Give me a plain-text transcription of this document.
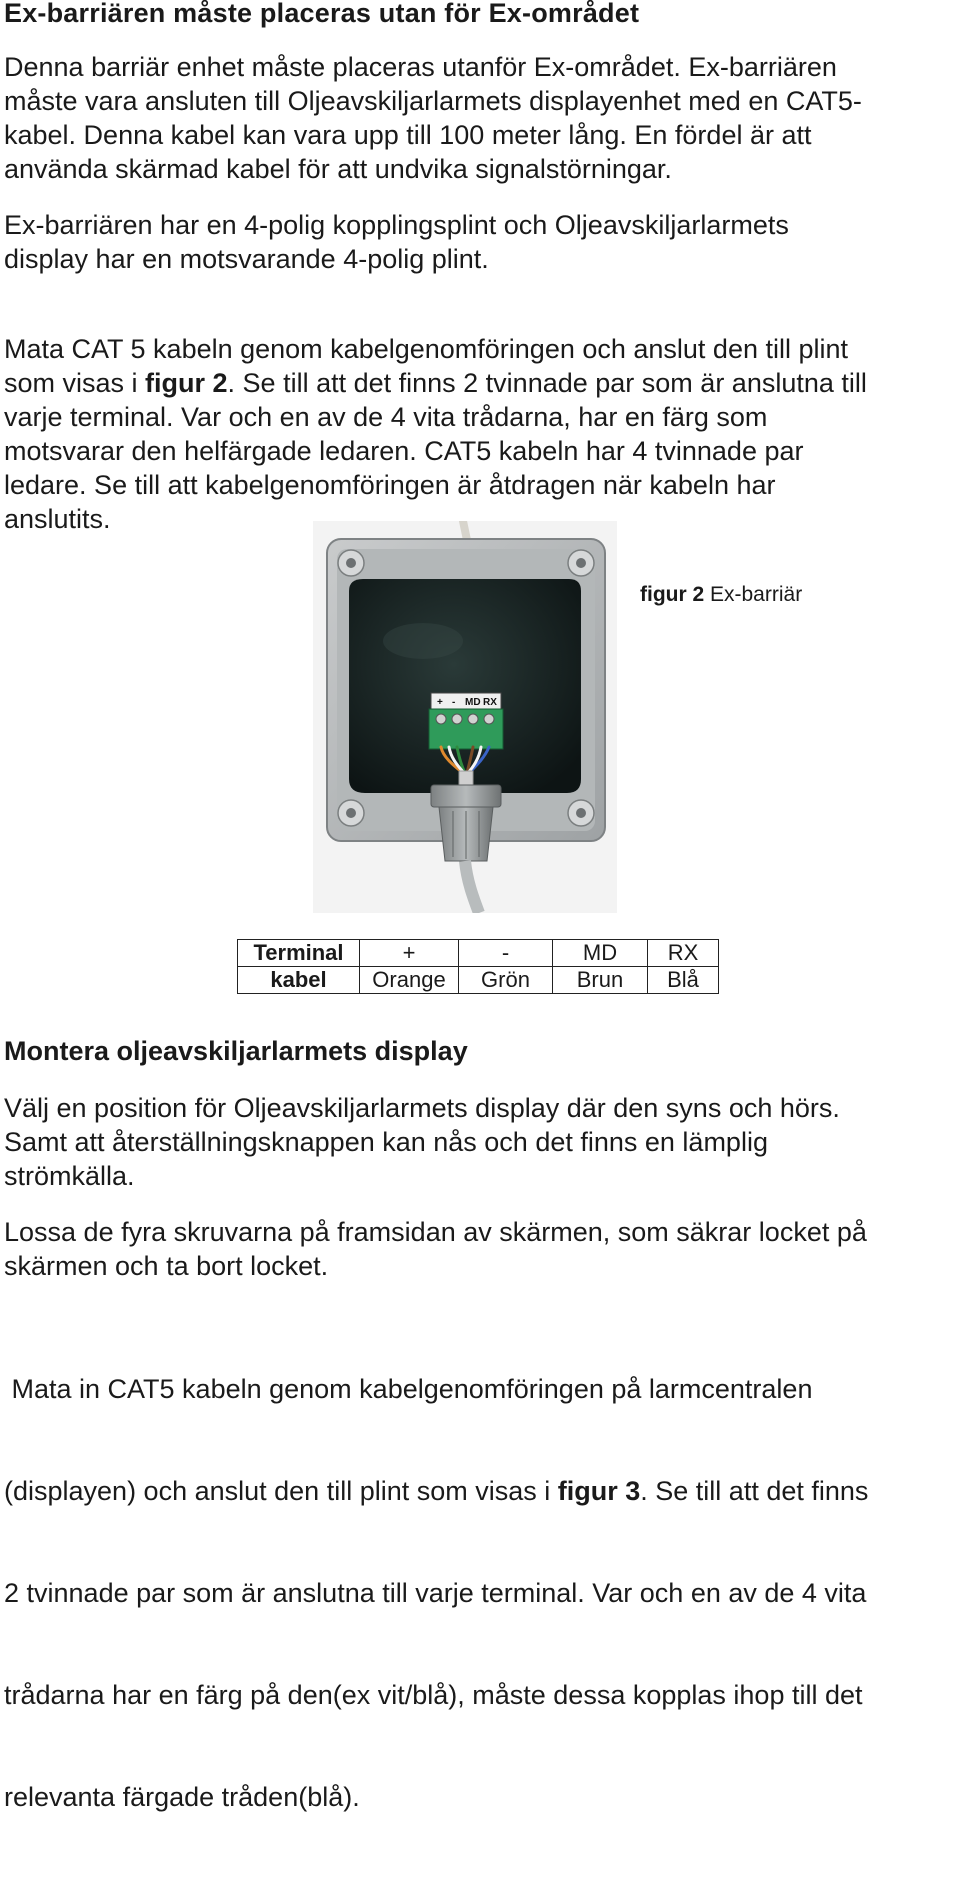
Ex-barriären måste placeras utan för Ex-området

Denna barriär enhet måste placeras utanför Ex-området. Ex-barriären
måste vara ansluten till Oljeavskiljarlarmets displayenhet med en CAT5-
kabel. Denna kabel kan vara upp till 100 meter lång. En fördel är att
använda skärmad kabel för att undvika signalstörningar.

Ex-barriären har en 4-polig kopplingsplint och Oljeavskiljarlarmets
display har en motsvarande 4-polig plint.

Mata CAT 5 kabeln genom kabelgenomföringen och anslut den till plint
som visas i figur 2. Se till att det finns 2 tvinnade par som är anslutna till
varje terminal. Var och en av de 4 vita trådarna, har en färg som
motsvarar den helfärgade ledaren. CAT5 kabeln har 4 tvinnade par
ledare. Se till att kabelgenomföringen är åtdragen när kabeln har
anslutits.

+ - MD RX
figur 2 Ex-barriär
Terminal	+	-	MD	RX
kabel	Orange	Grön	Brun	Blå
Montera oljeavskiljarlarmets display

Välj en position för Oljeavskiljarlarmets display där den syns och hörs.
Samt att återställningsknappen kan nås och det finns en lämplig
strömkälla.

Lossa de fyra skruvarna på framsidan av skärmen, som säkrar locket på
skärmen och ta bort locket.

Mata in CAT5 kabeln genom kabelgenomföringen på larmcentralen

(displayen) och anslut den till plint som visas i figur 3. Se till att det finns

2 tvinnade par som är anslutna till varje terminal. Var och en av de 4 vita

trådarna har en färg på den(ex vit/blå), måste dessa kopplas ihop till det

relevanta färgade tråden(blå).
